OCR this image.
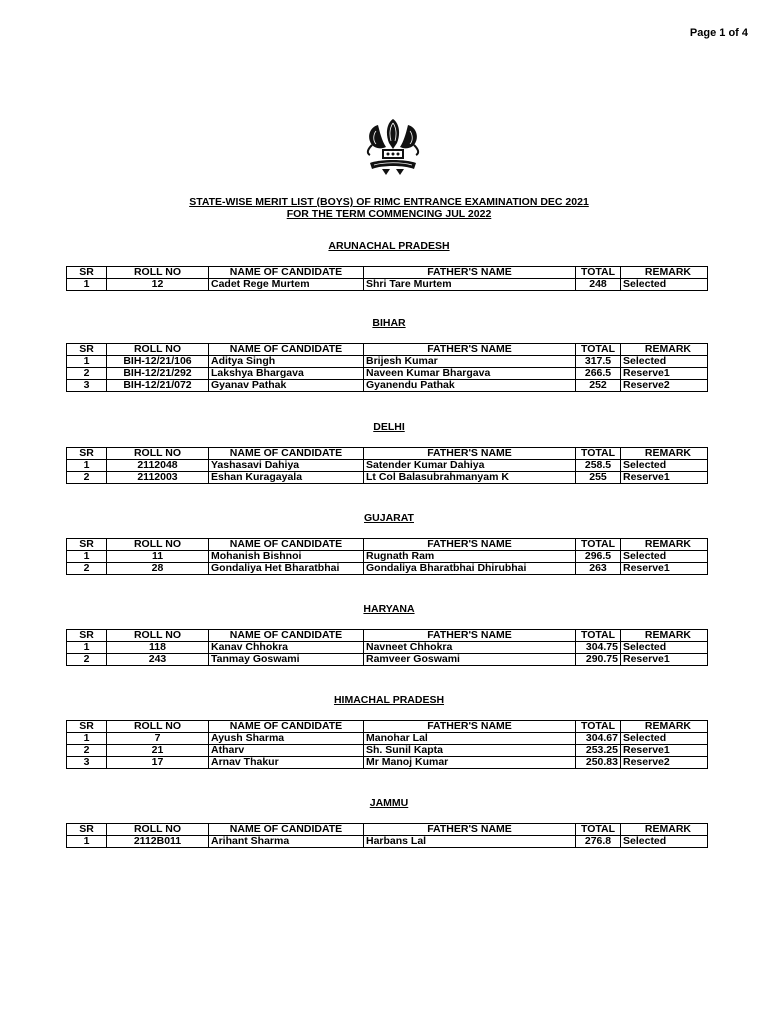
Page 1 of 4
STATE-WISE MERIT LIST (BOYS) OF RIMC ENTRANCE EXAMINATION DEC 2021
FOR THE TERM COMMENCING JUL 2022
ARUNACHAL PRADESH
SR	ROLL NO	NAME OF CANDIDATE	FATHER'S NAME	TOTAL	REMARK
1	12	Cadet Rege Murtem	Shri Tare Murtem	248	Selected
BIHAR
SR	ROLL NO	NAME OF CANDIDATE	FATHER'S NAME	TOTAL	REMARK
1	BIH-12/21/106	Aditya Singh	Brijesh Kumar	317.5	Selected
2	BIH-12/21/292	Lakshya Bhargava	Naveen Kumar Bhargava	266.5	Reserve1
3	BIH-12/21/072	Gyanav Pathak	Gyanendu Pathak	252	Reserve2
DELHI
SR	ROLL NO	NAME OF CANDIDATE	FATHER'S NAME	TOTAL	REMARK
1	2112048	Yashasavi Dahiya	Satender Kumar Dahiya	258.5	Selected
2	2112003	Eshan Kuragayala	Lt Col Balasubrahmanyam K	255	Reserve1
GUJARAT
SR	ROLL NO	NAME OF CANDIDATE	FATHER'S NAME	TOTAL	REMARK
1	11	Mohanish Bishnoi	Rugnath Ram	296.5	Selected
2	28	Gondaliya Het Bharatbhai	Gondaliya Bharatbhai Dhirubhai	263	Reserve1
HARYANA
SR	ROLL NO	NAME OF CANDIDATE	FATHER'S NAME	TOTAL	REMARK
1	118	Kanav Chhokra	Navneet Chhokra	304.75	Selected
2	243	Tanmay Goswami	Ramveer Goswami	290.75	Reserve1
HIMACHAL PRADESH
SR	ROLL NO	NAME OF CANDIDATE	FATHER'S NAME	TOTAL	REMARK
1	7	Ayush Sharma	Manohar Lal	304.67	Selected
2	21	Atharv	Sh. Sunil Kapta	253.25	Reserve1
3	17	Arnav Thakur	Mr Manoj Kumar	250.83	Reserve2
JAMMU
SR	ROLL NO	NAME OF CANDIDATE	FATHER'S NAME	TOTAL	REMARK
1	2112B011	Arihant Sharma	Harbans Lal	276.8	Selected
